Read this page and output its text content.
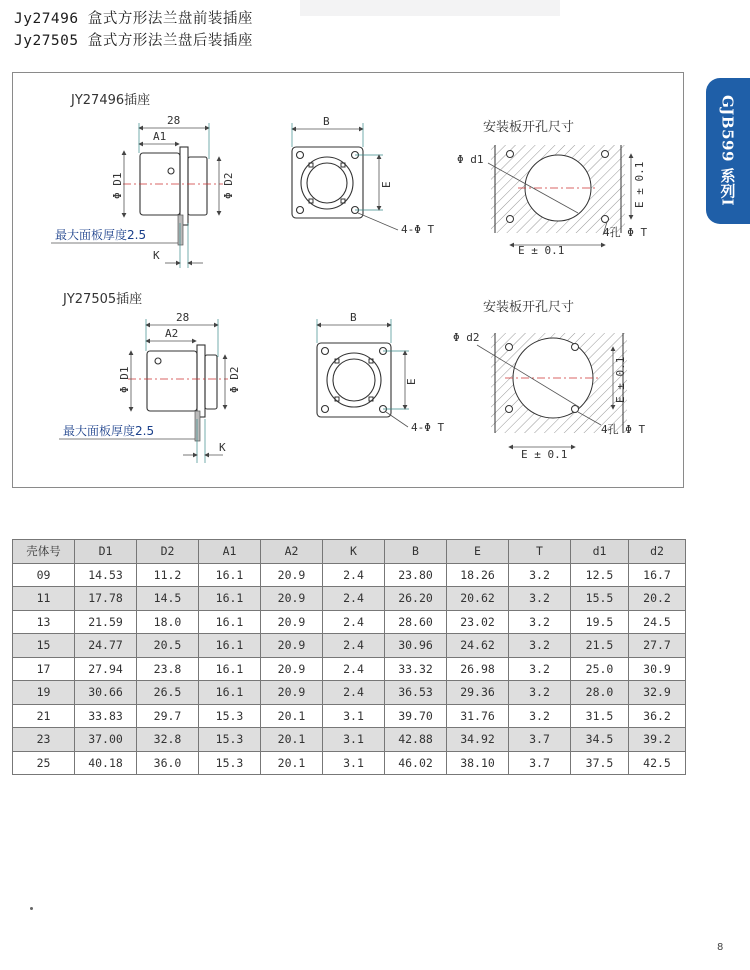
Jy27496 盒式方形法兰盘前装插座
Jy27505 盒式方形法兰盘后装插座
GJB599 系列I
JY27496插座
28
A1
Φ D1	Φ D2
最大面板厚度2.5
K
B
E
4-Φ T
安装板开孔尺寸
Φ d1
E ± 0.1
E ± 0.1
4孔 Φ T
JY27505插座
28
A2
Φ D1	Φ D2
最大面板厚度2.5
K
B
E
4-Φ T
安装板开孔尺寸
Φ d2
E ± 0.1
E ± 0.1
4孔 Φ T
壳体号	D1	D2	A1	A2	K	B	E	T	d1	d2
09	14.53	11.2	16.1	20.9	2.4	23.80	18.26	3.2	12.5	16.7
11	17.78	14.5	16.1	20.9	2.4	26.20	20.62	3.2	15.5	20.2
13	21.59	18.0	16.1	20.9	2.4	28.60	23.02	3.2	19.5	24.5
15	24.77	20.5	16.1	20.9	2.4	30.96	24.62	3.2	21.5	27.7
17	27.94	23.8	16.1	20.9	2.4	33.32	26.98	3.2	25.0	30.9
19	30.66	26.5	16.1	20.9	2.4	36.53	29.36	3.2	28.0	32.9
21	33.83	29.7	15.3	20.1	3.1	39.70	31.76	3.2	31.5	36.2
23	37.00	32.8	15.3	20.1	3.1	42.88	34.92	3.7	34.5	39.2
25	40.18	36.0	15.3	20.1	3.1	46.02	38.10	3.7	37.5	42.5
8
